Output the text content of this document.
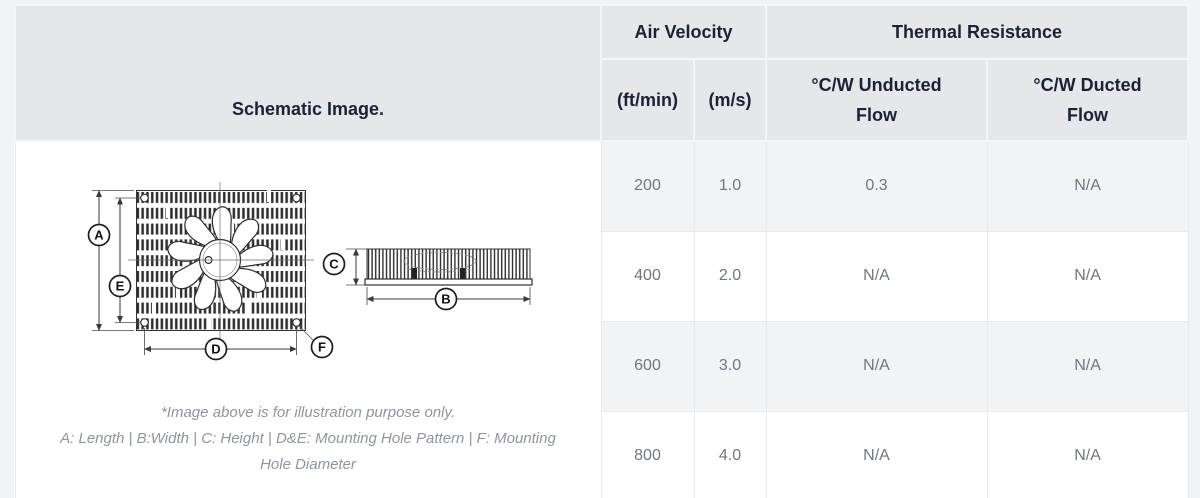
Schematic Image.	Air Velocity		Thermal Resistance	
	(ft/min)	(m/s)	°C/W Unducted Flow	°C/W Ducted Flow

A
E
D	F
C
B
*Image above is for illustration purpose only.
A: Length | B:Width | C: Height | D&E: Mounting Hole Pattern | F: Mounting Hole Diameter
	200	1.0	0.3	N/A
	400	2.0	N/A	N/A
	600	3.0	N/A	N/A
	800	4.0	N/A	N/A
